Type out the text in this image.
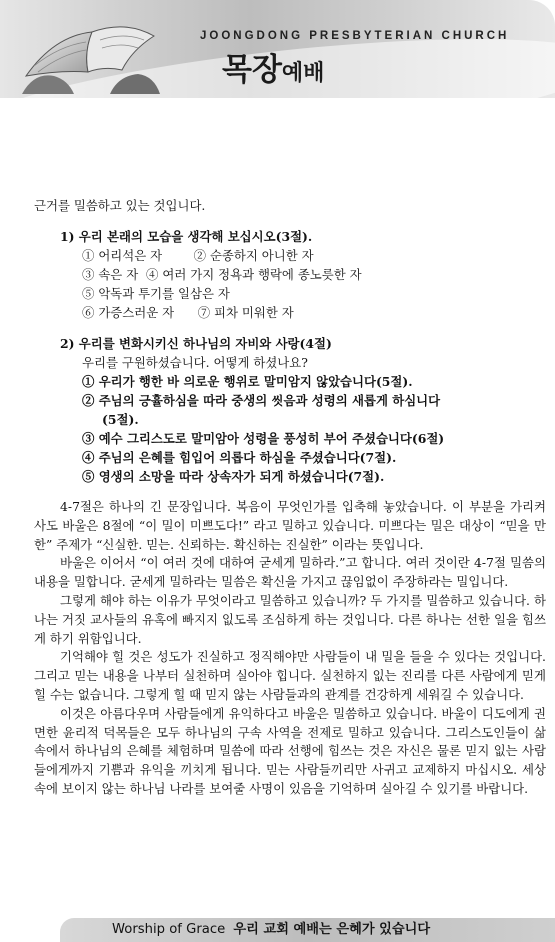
JOONGDONG PRESBYTERIAN CHURCH
목장예배

근거를 밀씀하고 있는 것입니다.

1) 우리 본래의 모습을 생각해 보십시오(3절).
① 어리석은 자        ② 순종하지 아니한 자
③ 속은 자  ④ 여러 가지 정욕과 행락에 종노릇한 자
⑤ 악독과 투기를 일삼은 자
⑥ 가증스러운 자      ⑦ 피차 미워한 자
2) 우리를 변화시키신 하나님의 자비와 사랑(4절)
우리를 구원하셨습니다. 어떻게 하셨나요?
① 우리가 행한 바 의로운 행위로 말미암지 않았습니다(5절).
② 주님의 긍휼하심을 따라 중생의 씻음과 성령의 새롭게 하심니다
(5절).
③ 예수 그리스도로 말미암아 성령을 풍성히 부어 주셨습니다(6절)
④ 주님의 은혜를 힘입어 의롭다 하심을 주셨습니다(7절).
⑤ 영생의 소망을 따라 상속자가 되게 하셨습니다(7절).

4-7절은 하나의 긴 문장입니다. 복음이 무엇인가를 입축해 놓았습니다. 이 부분을 가리켜 사도 바울은 8절에 “이 밀이 미쁘도다!” 라고 밀하고 있습니다. 미쁘다는 밀은 대상이 “믿을 만한” 주제가 “신실한. 믿는. 신뢰하는. 확신하는 진실한” 이라는 뜻입니다.

바울은 이어서 “이 여러 것에 대하여 굳세게 밀하라.”고 합니다. 여러 것이란 4-7절 밀씀의 내용을 밀합니다. 굳세게 밀하라는 밀씀은 확신을 가지고 끊임없이 주장하라는 밀입니다.

그렇게 해야 하는 이유가 무엇이라고 밀씀하고 있습니까? 두 가지를 밀씀하고 있습니다. 하나는 거짓 교사들의 유혹에 빠지지 잆도록 조심하게 하는 것입니다. 다른 하나는 선한 일을 힘쓰게 하기 위함입니다.

기억해야 힐 것은 성도가 진실하고 정직해야만 사람들이 내 밀을 들을 수 있다는 것입니다. 그리고 믿는 내용을 나부터 실천하며 실아야 힙니다. 실천하지 잆는 진리를 다른 사람에게 믿게 힐 수는 없습니다. 그렇게 힐 때 믿지 않는 사람들과의 관계를 건강하게 세워길 수 있습니다.

이것은 아름다우며 사람들에게 유익하다고 바울은 밀씀하고 있습니다. 바울이 디도에게 권면한 윤리적 덕목들은 모두 하나님의 구속 사역을 전제로 밀하고 있습니다. 그리스도인들이 삶 속에서 하나님의 은혜를 체험하며 밀씀에 따라 선행에 힘쓰는 것은 자신은 물론 믿지 잆는 사람들에게까지 기쁨과 유익을 끼치게 됩니다. 믿는 사람들끼리만 사귀고 교제하지 마십시오. 세상 속에 보이지 않는 하나님 나라를 보여줄 사명이 있음을 기억하며 실아길 수 있기를 바랍니다.

Worship of Grace 우리 교회 예배는 은혜가 있습니다
